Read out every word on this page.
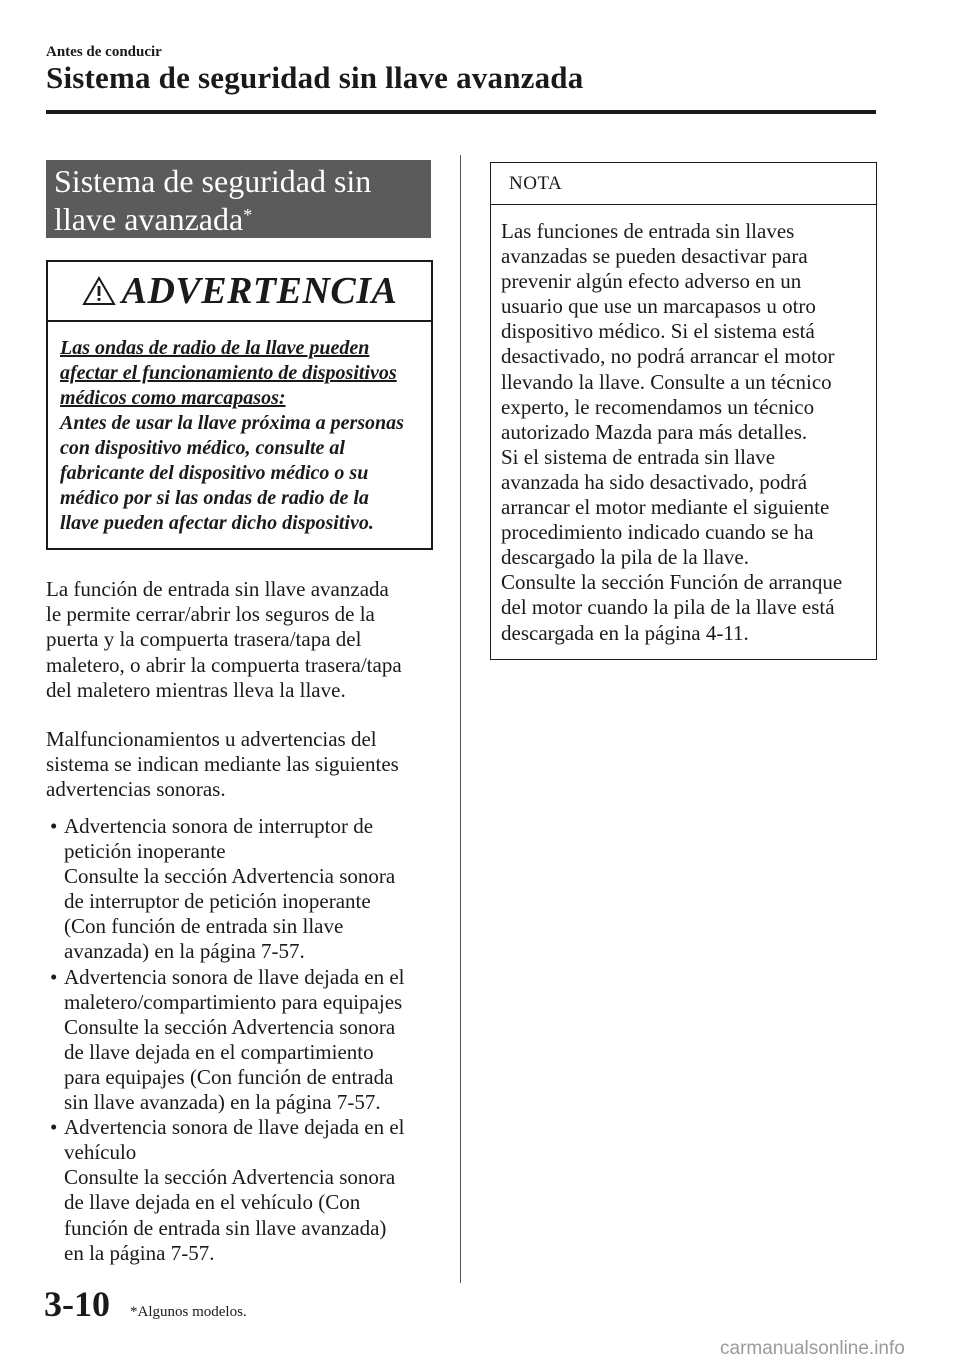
Antes de conducir
Sistema de seguridad sin llave avanzada
Sistema de seguridad sin
llave avanzada*
ADVERTENCIA
Las ondas de radio de la llave pueden
afectar el funcionamiento de dispositivos
médicos como marcapasos:
Antes de usar la llave próxima a personas
con dispositivo médico, consulte al
fabricante del dispositivo médico o su
médico por si las ondas de radio de la
llave pueden afectar dicho dispositivo.
La función de entrada sin llave avanzada
le permite cerrar/abrir los seguros de la
puerta y la compuerta trasera/tapa del
maletero, o abrir la compuerta trasera/tapa
del maletero mientras lleva la llave.
Malfuncionamientos u advertencias del
sistema se indican mediante las siguientes
advertencias sonoras.
• Advertencia sonora de interruptor de
petición inoperante
Consulte la sección Advertencia sonora
de interruptor de petición inoperante
(Con función de entrada sin llave
avanzada) en la página 7-57.
• Advertencia sonora de llave dejada en el
maletero/compartimiento para equipajes
Consulte la sección Advertencia sonora
de llave dejada en el compartimiento
para equipajes (Con función de entrada
sin llave avanzada) en la página 7-57.
• Advertencia sonora de llave dejada en el
vehículo
Consulte la sección Advertencia sonora
de llave dejada en el vehículo (Con
función de entrada sin llave avanzada)
en la página 7-57.
NOTA
Las funciones de entrada sin llaves
avanzadas se pueden desactivar para
prevenir algún efecto adverso en un
usuario que use un marcapasos u otro
dispositivo médico. Si el sistema está
desactivado, no podrá arrancar el motor
llevando la llave. Consulte a un técnico
experto, le recomendamos un técnico
autorizado Mazda para más detalles.
Si el sistema de entrada sin llave
avanzada ha sido desactivado, podrá
arrancar el motor mediante el siguiente
procedimiento indicado cuando se ha
descargado la pila de la llave.
Consulte la sección Función de arranque
del motor cuando la pila de la llave está
descargada en la página 4-11.
3-10 *Algunos modelos.
carmanualsonline.info
